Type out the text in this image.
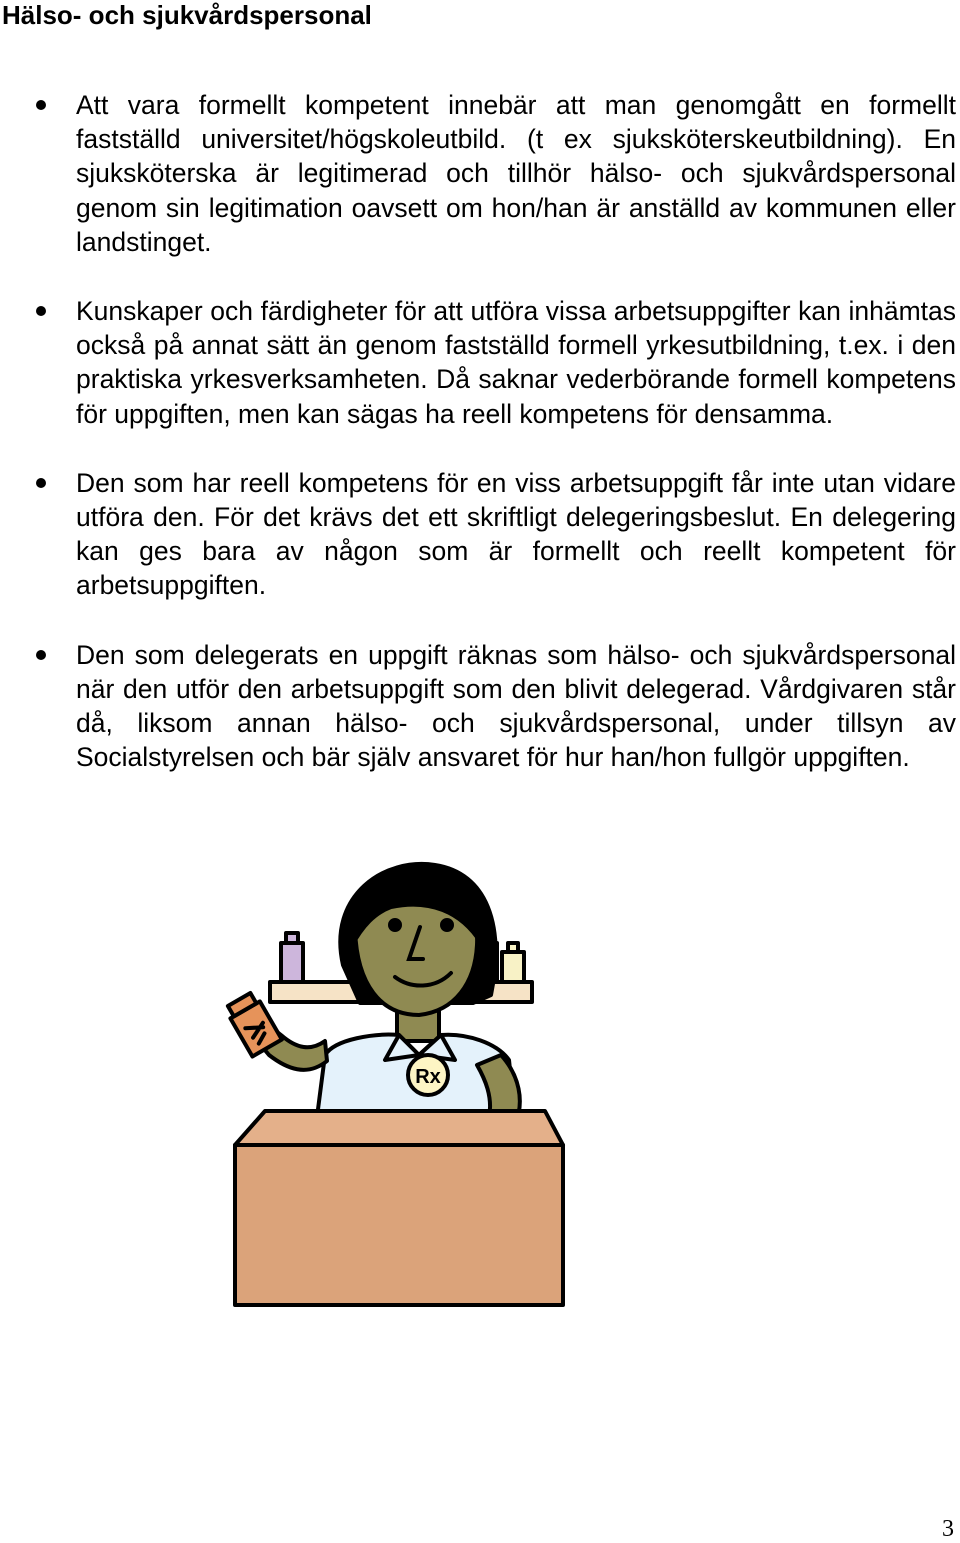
Hälso- och sjukvårdspersonal
Att vara formellt kompetent innebär att man genomgått en formellt fastställd universitet/högskoleutbild. (t ex sjuksköterskeutbildning). En sjuksköterska är legitimerad och tillhör hälso- och sjukvårdspersonal genom sin legitimation oavsett om hon/han är anställd av kommunen eller landstinget.
Kunskaper och färdigheter för att utföra vissa arbetsuppgifter kan inhämtas också på annat sätt än genom fastställd formell yrkesutbildning, t.ex. i den praktiska yrkesverksamheten. Då saknar vederbörande formell kompetens för uppgiften, men kan sägas ha reell kompetens för densamma.
Den som har reell kompetens för en viss arbetsuppgift får inte utan vidare utföra den. För det krävs det ett skriftligt delegeringsbeslut. En delegering kan ges bara av någon som är formellt och reellt kompetent för arbetsuppgiften.
Den som delegerats en uppgift räknas som hälso- och sjukvårdspersonal när den utför den arbetsuppgift som den blivit delegerad. Vårdgivaren står då, liksom annan hälso- och sjukvårdspersonal, under tillsyn av Socialstyrelsen och bär själv ansvaret för hur han/hon fullgör uppgiften.
Rx
3
